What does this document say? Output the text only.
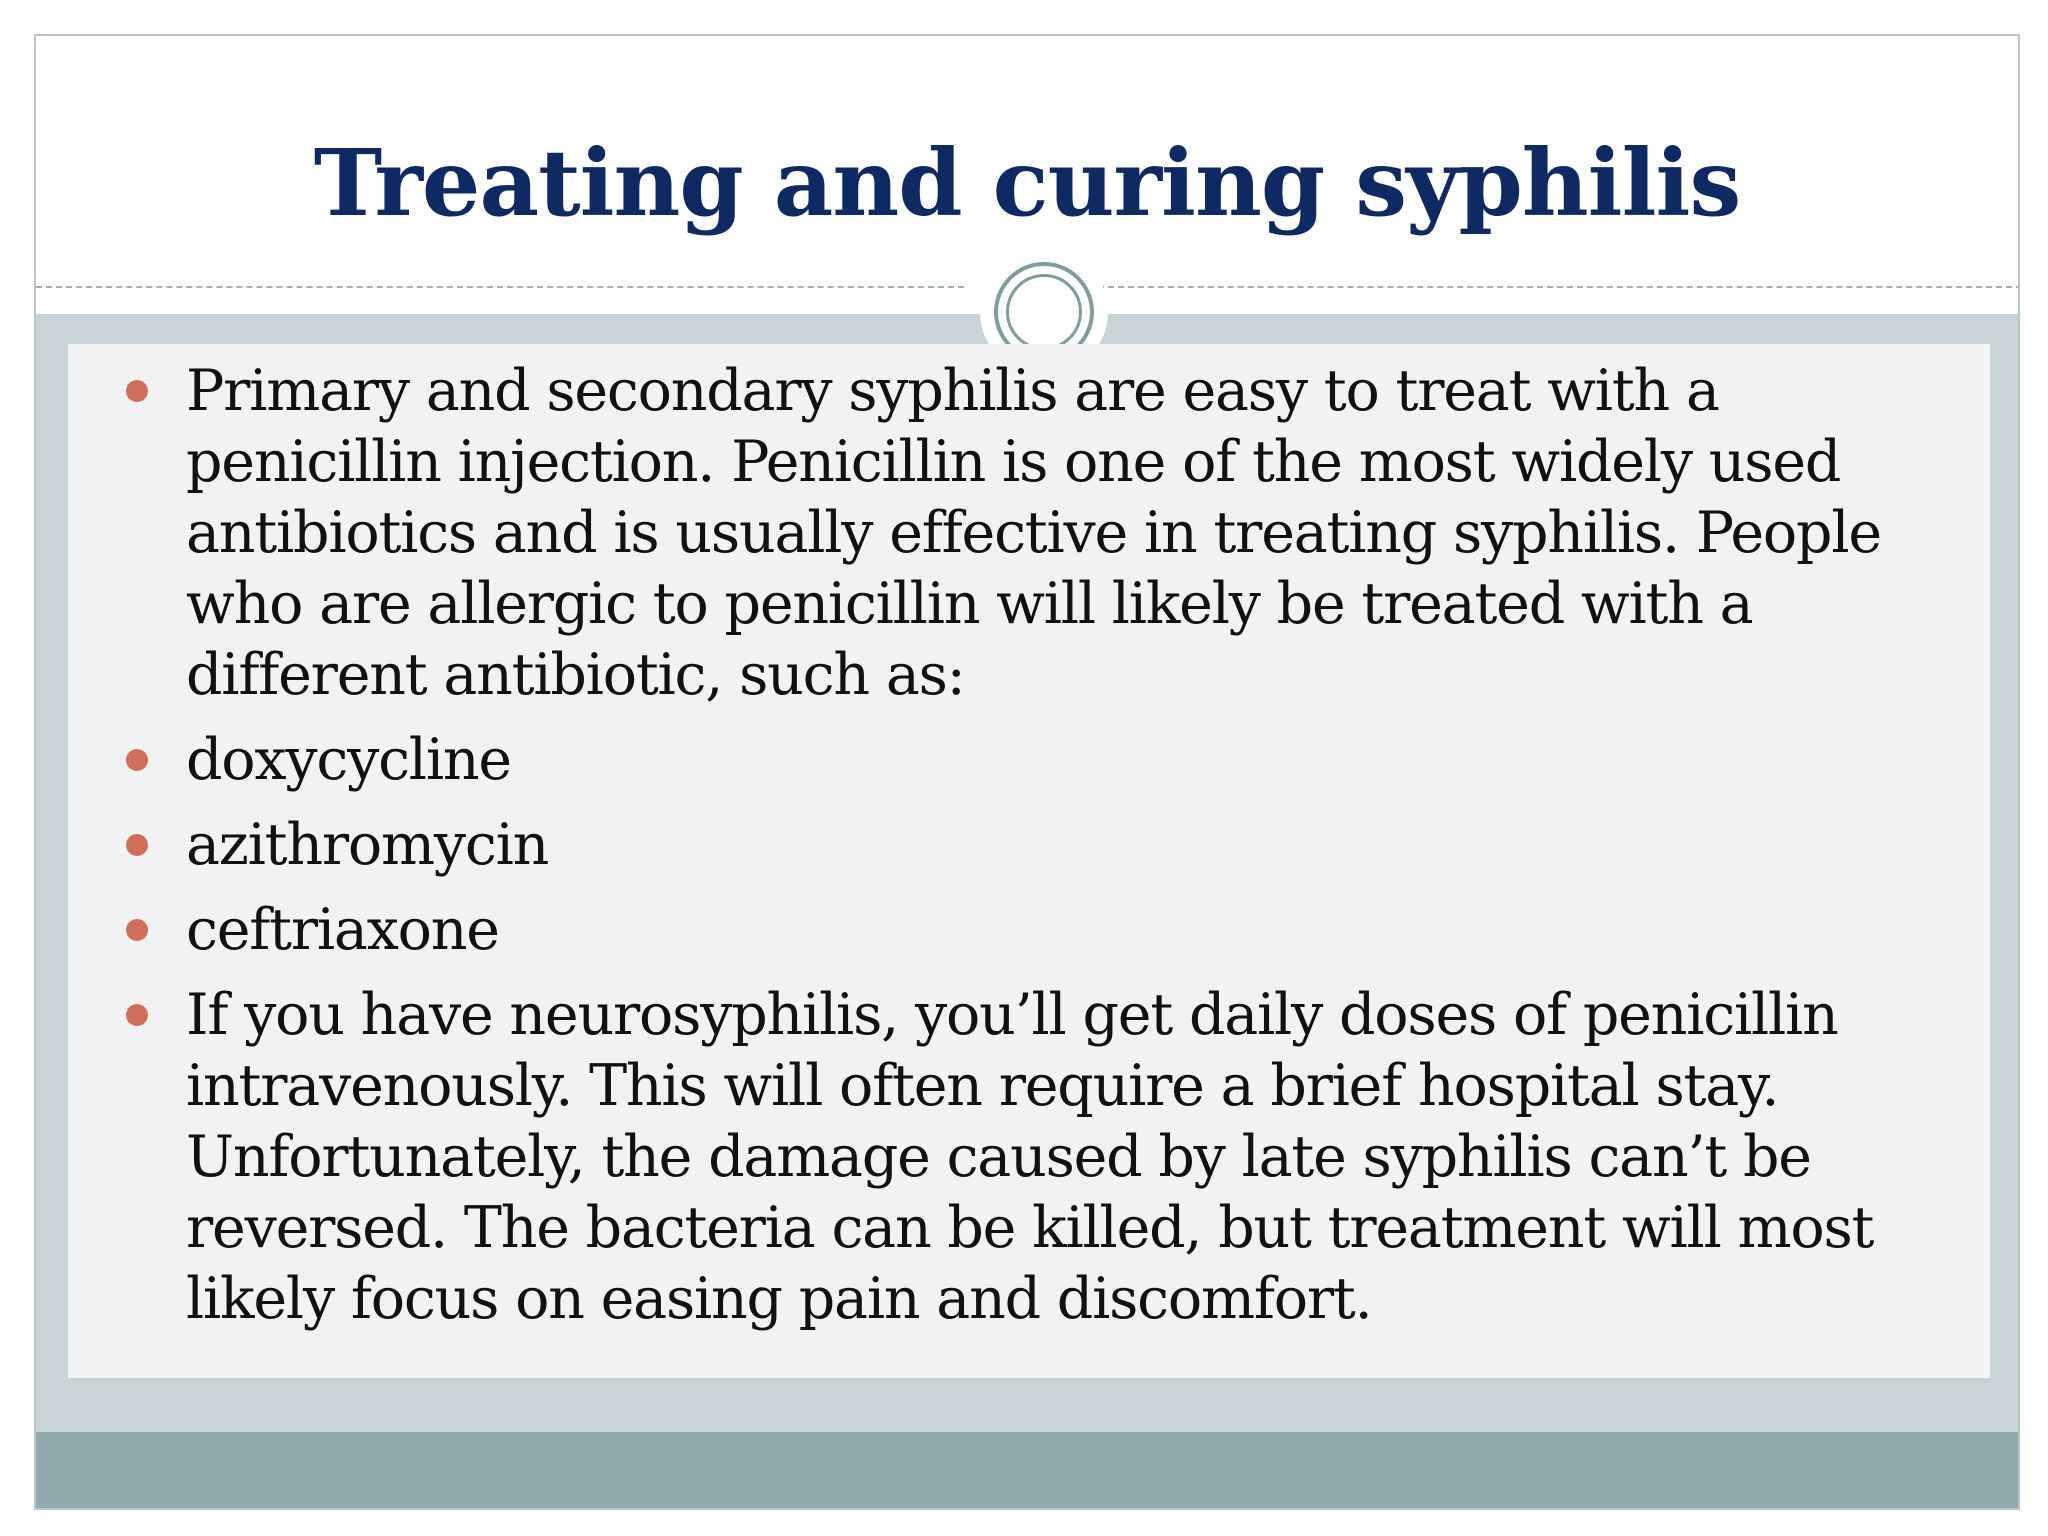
Treating and curing syphilis
Primary and secondary syphilis are easy to treat with a penicillin injection. Penicillin is one of the most widely used antibiotics and is usually effective in treating syphilis. People who are allergic to penicillin will likely be treated with a different antibiotic, such as:
doxycycline
azithromycin
ceftriaxone
If you have neurosyphilis, you’ll get daily doses of penicillin intravenously. This will often require a brief hospital stay. Unfortunately, the damage caused by late syphilis can’t be reversed. The bacteria can be killed, but treatment will most likely focus on easing pain and discomfort.
